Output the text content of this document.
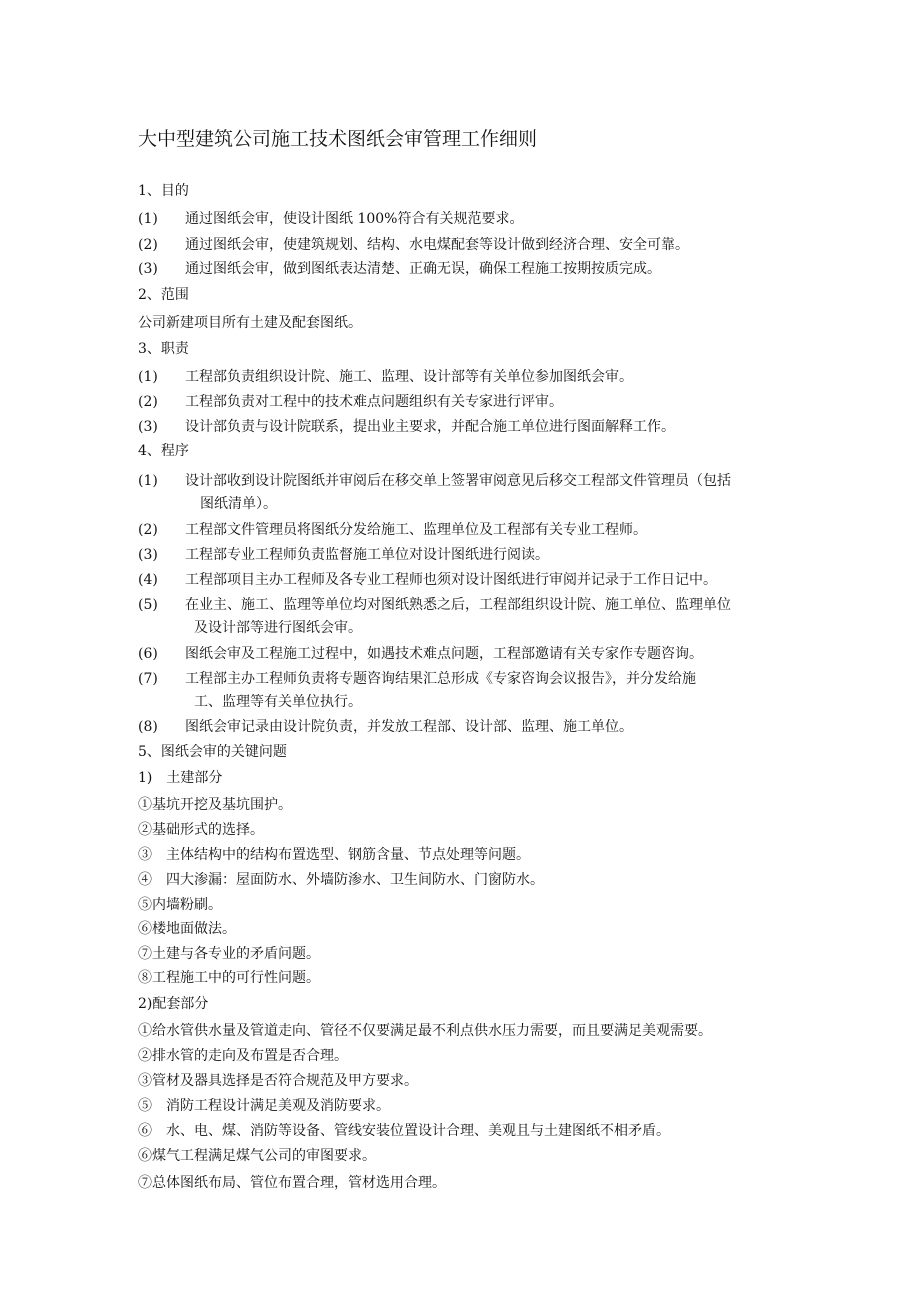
大中型建筑公司施工技术图纸会审管理工作细则
1、目的
(1) 通过图纸会审，使设计图纸 100%符合有关规范要求。
(2) 通过图纸会审，使建筑规划、结构、水电煤配套等设计做到经济合理、安全可靠。
(3) 通过图纸会审，做到图纸表达清楚、正确无误，确保工程施工按期按质完成。
2、范围
公司新建项目所有土建及配套图纸。
3、职责
(1) 工程部负责组织设计院、施工、监理、设计部等有关单位参加图纸会审。
(2) 工程部负责对工程中的技术难点问题组织有关专家进行评审。
(3) 设计部负责与设计院联系，提出业主要求，并配合施工单位进行图面解释工作。
4、程序
(1) 设计部收到设计院图纸并审阅后在移交单上签署审阅意见后移交工程部文件管理员（包括
图纸清单）。
(2) 工程部文件管理员将图纸分发给施工、监理单位及工程部有关专业工程师。
(3) 工程部专业工程师负责监督施工单位对设计图纸进行阅读。
(4) 工程部项目主办工程师及各专业工程师也须对设计图纸进行审阅并记录于工作日记中。
(5) 在业主、施工、监理等单位均对图纸熟悉之后，工程部组织设计院、施工单位、监理单位
及设计部等进行图纸会审。
(6) 图纸会审及工程施工过程中，如遇技术难点问题，工程部邀请有关专家作专题咨询。
(7) 工程部主办工程师负责将专题咨询结果汇总形成《专家咨询会议报告》，并分发给施
工、监理等有关单位执行。
(8) 图纸会审记录由设计院负责，并发放工程部、设计部、监理、施工单位。
5、图纸会审的关键问题
1)　土建部分
①基坑开挖及基坑围护。
②基础形式的选择。
③　主体结构中的结构布置选型、钢筋含量、节点处理等问题。
④　四大渗漏：屋面防水、外墙防渗水、卫生间防水、门窗防水。
⑤内墙粉刷。
⑥楼地面做法。
⑦土建与各专业的矛盾问题。
⑧工程施工中的可行性问题。
2)配套部分
①给水管供水量及管道走向、管径不仅要满足最不利点供水压力需要，而且要满足美观需要。
②排水管的走向及布置是否合理。
③管材及器具选择是否符合规范及甲方要求。
⑤　消防工程设计满足美观及消防要求。
⑥　水、电、煤、消防等设备、管线安装位置设计合理、美观且与土建图纸不相矛盾。
⑥煤气工程满足煤气公司的审图要求。
⑦总体图纸布局、管位布置合理，管材选用合理。
